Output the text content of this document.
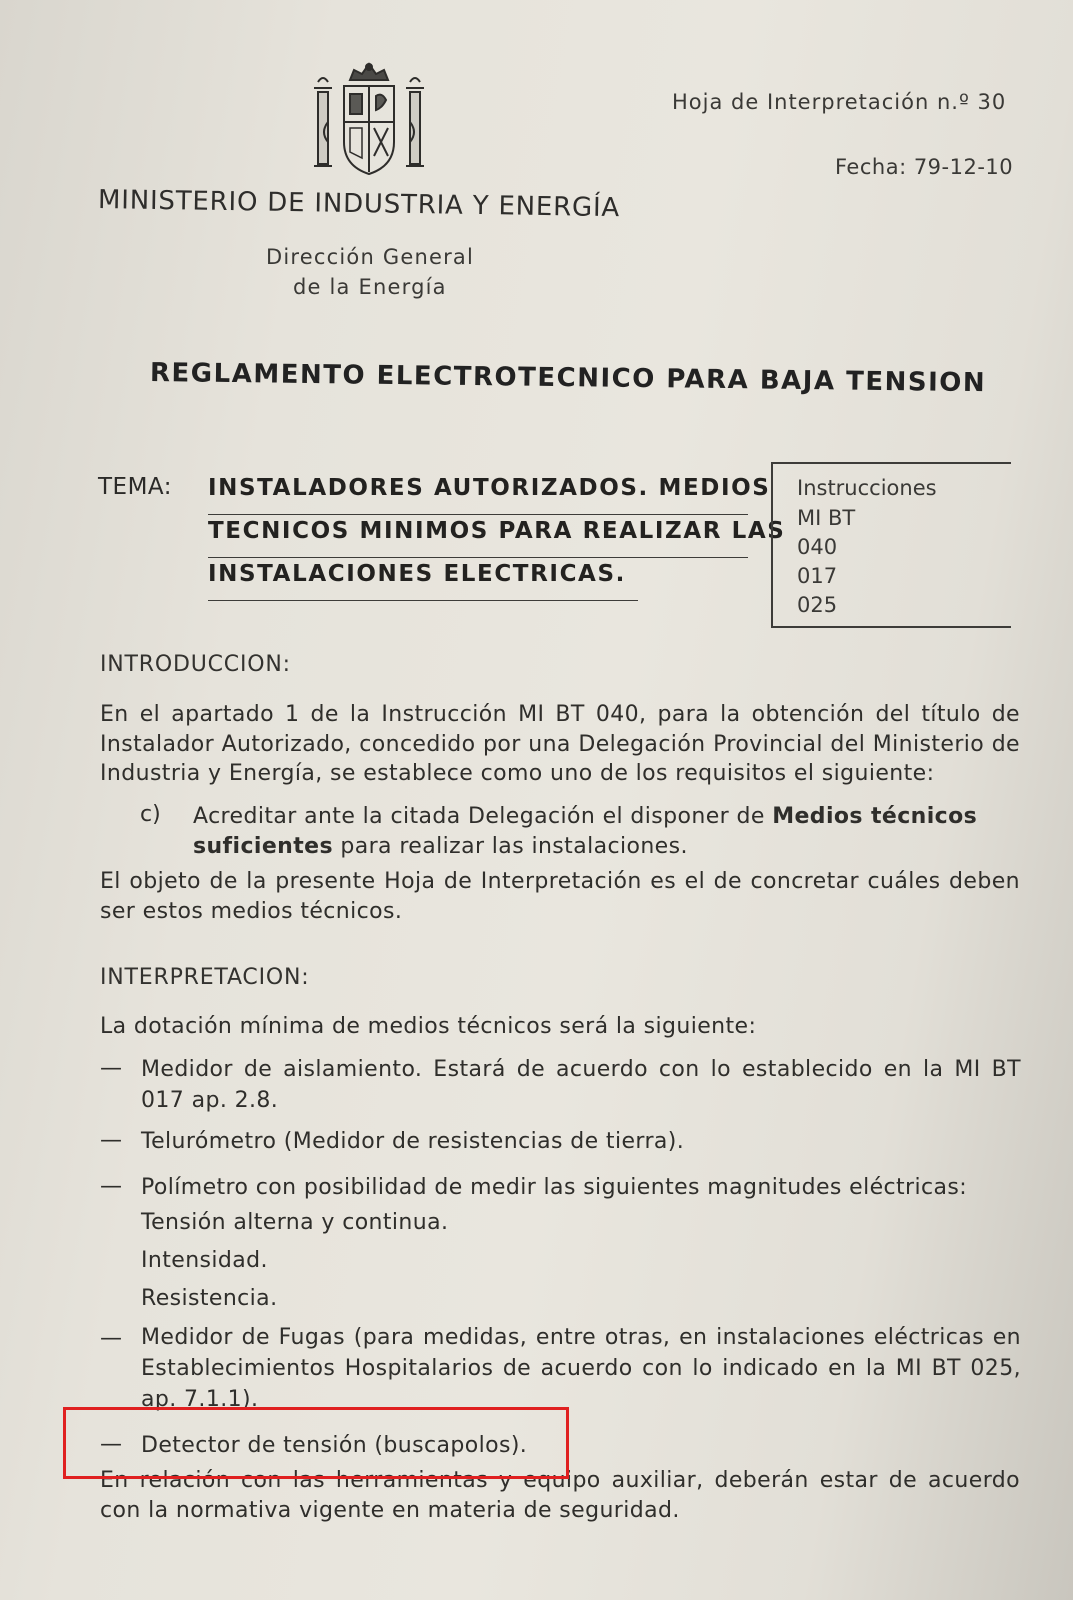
Hoja de Interpretación n.º 30
Fecha: 79-12-10
MINISTERIO DE INDUSTRIA Y ENERGÍA
Dirección General
de la Energía
REGLAMENTO ELECTROTECNICO PARA BAJA TENSION
TEMA: INSTALADORES AUTORIZADOS. MEDIOS
TECNICOS MINIMOS PARA REALIZAR LAS
INSTALACIONES ELECTRICAS.
Instrucciones
MI BT
040
017
025
INTRODUCCION:
En el apartado 1 de la Instrucción MI BT 040, para la obtención del título de Instalador Autorizado, concedido por una Delegación Provincial del Ministerio de Industria y Energía, se establece como uno de los requisitos el siguiente:
c) Acreditar ante la citada Delegación el disponer de Medios técnicos suficientes para realizar las instalaciones.
El objeto de la presente Hoja de Interpretación es el de concretar cuáles deben ser estos medios técnicos.
INTERPRETACION:
La dotación mínima de medios técnicos será la siguiente:
— Medidor de aislamiento. Estará de acuerdo con lo establecido en la MI BT 017 ap. 2.8.
— Telurómetro (Medidor de resistencias de tierra).
— Polímetro con posibilidad de medir las siguientes magnitudes eléctricas:
Tensión alterna y continua.
Intensidad.
Resistencia.
— Medidor de Fugas (para medidas, entre otras, en instalaciones eléctricas en Establecimientos Hospitalarios de acuerdo con lo indicado en la MI BT 025, ap. 7.1.1).
— Detector de tensión (buscapolos).
En relación con las herramientas y equipo auxiliar, deberán estar de acuerdo con la normativa vigente en materia de seguridad.
